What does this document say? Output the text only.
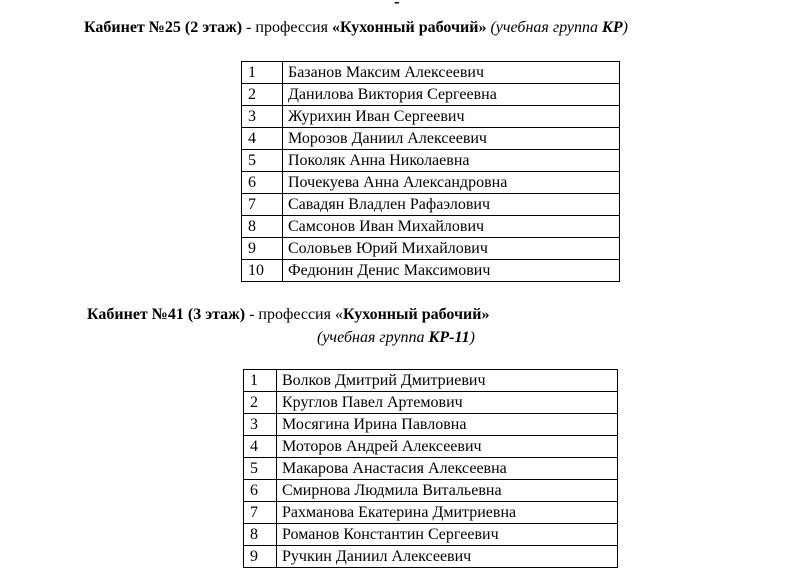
-
Кабинет №25 (2 этаж) - профессия «Кухонный рабочий» (учебная группа КР)
1	Базанов Максим Алексеевич
2	Данилова Виктория Сергеевна
3	Журихин Иван Сергеевич
4	Морозов Даниил Алексеевич
5	Поколяк Анна Николаевна
6	Почекуева Анна Александровна
7	Савадян Владлен Рафаэлович
8	Самсонов Иван Михайлович
9	Соловьев Юрий Михайлович
10	Федюнин Денис Максимович
Кабинет №41 (3 этаж) - профессия «Кухонный рабочий»
(учебная группа КР-11)
1	Волков Дмитрий Дмитриевич
2	Круглов Павел Артемович
3	Мосягина Ирина Павловна
4	Моторов Андрей Алексеевич
5	Макарова Анастасия Алексеевна
6	Смирнова Людмила Витальевна
7	Рахманова Екатерина Дмитриевна
8	Романов Константин Сергеевич
9	Ручкин Даниил Алексеевич
